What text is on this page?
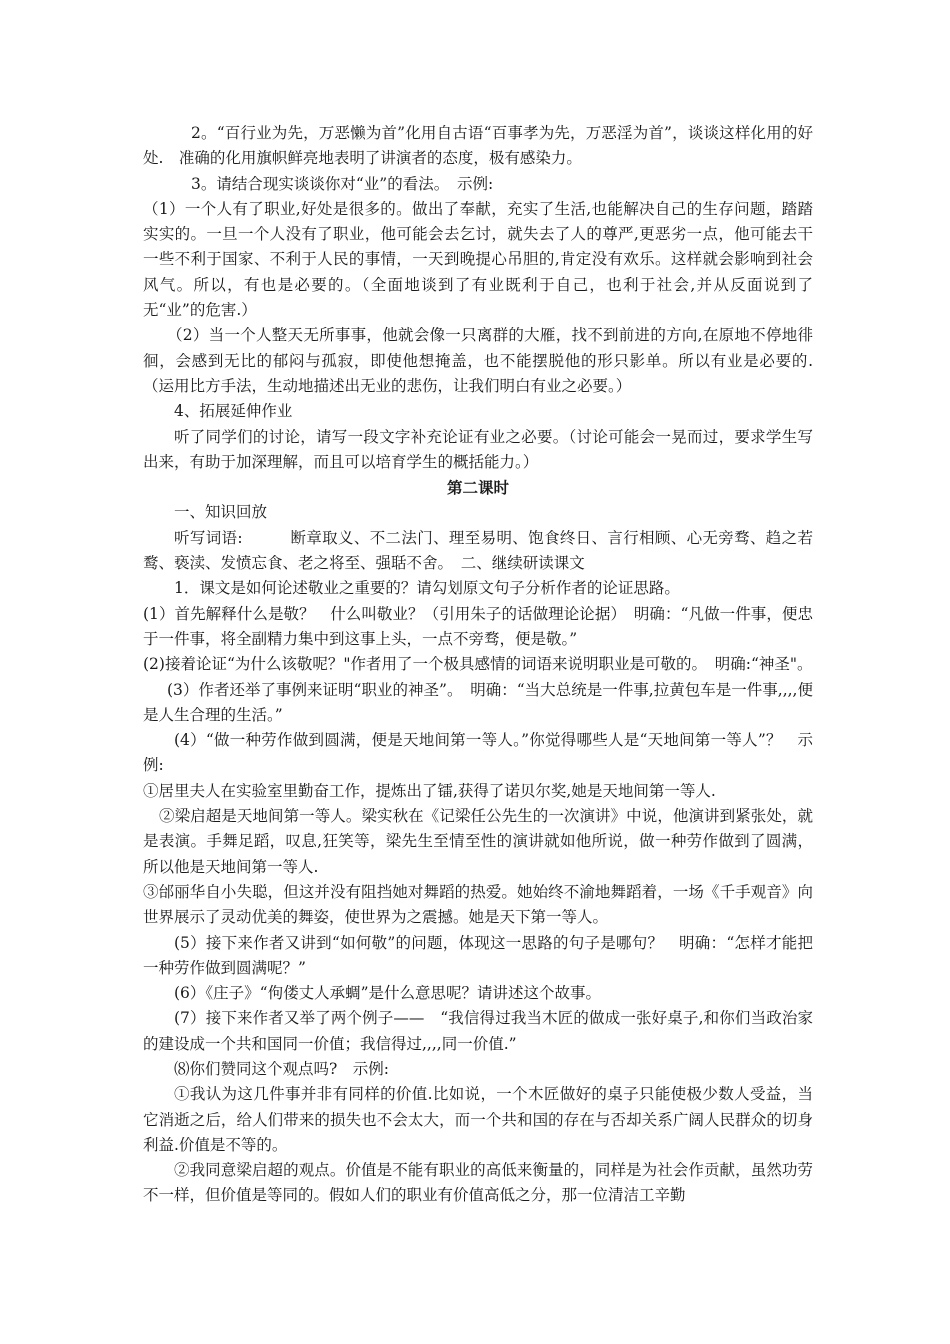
2。“百行业为先，万恶懒为首”化用自古语“百事孝为先，万恶淫为首”，谈谈这样化用的好处.　准确的化用旗帜鲜亮地表明了讲演者的态度，极有感染力。

3。请结合现实谈谈你对“业”的看法。　示例:

（1）一个人有了职业,好处是很多的。做出了奉献，充实了生活,也能解决自己的生存问题，踏踏实实的。一旦一个人没有了职业，他可能会去乞讨，就失去了人的尊严,更恶劣一点，他可能去干一些不利于国家、不利于人民的事情，一天到晚提心吊胆的,肯定没有欢乐。这样就会影响到社会风气。所以，有也是必要的。（全面地谈到了有业既利于自己，也利于社会,并从反面说到了无“业”的危害.）

（2）当一个人整天无所事事，他就会像一只离群的大雁，找不到前进的方向,在原地不停地徘徊，会感到无比的郁闷与孤寂，即使他想掩盖，也不能摆脱他的形只影单。所以有业是必要的.（运用比方手法，生动地描述出无业的悲伤，让我们明白有业之必要。）

4、拓展延伸作业

听了同学们的讨论，请写一段文字补充论证有业之必要。（讨论可能会一晃而过，要求学生写出来，有助于加深理解，而且可以培育学生的概括能力。）

第二课时

一、知识回放

听写词语:　　　断章取义、不二法门、理至易明、饱食终日、言行相顾、心无旁骛、趋之若鹜、亵渎、发愤忘食、老之将至、强聒不舍。　二、继续研读课文

1．课文是如何论述敬业之重要的？请勾划原文句子分析作者的论证思路。

(1）首先解释什么是敬？　什么叫敬业？（引用朱子的话做理论论据）　明确：“凡做一件事，便忠于一件事，将全副精力集中到这事上头，一点不旁骛，便是敬。”

(2)接着论证“为什么该敬呢？"作者用了一个极具感情的词语来说明职业是可敬的。　明确:“神圣"。

(3）作者还举了事例来证明“职业的神圣”。　明确：“当大总统是一件事,拉黄包车是一件事,,,,便是人生合理的生活。”

(4）“做一种劳作做到圆满，便是天地间第一等人。”你觉得哪些人是“天地间第一等人”？　示例:

①居里夫人在实验室里勤奋工作，提炼出了镭,获得了诺贝尔奖,她是天地间第一等人.

②梁启超是天地间第一等人。梁实秋在《记梁任公先生的一次演讲》中说，他演讲到紧张处，就是表演。手舞足蹈，叹息,狂笑等，梁先生至情至性的演讲就如他所说，做一种劳作做到了圆满，所以他是天地间第一等人.

③邰丽华自小失聪，但这并没有阻挡她对舞蹈的热爱。她始终不渝地舞蹈着，一场《千手观音》向世界展示了灵动优美的舞姿，使世界为之震撼。她是天下第一等人。

(5）接下来作者又讲到“如何敬”的问题，体现这一思路的句子是哪句？　明确：“怎样才能把一种劳作做到圆满呢？”

(6）《庄子》“佝偻丈人承蜩”是什么意思呢？请讲述这个故事。

(7）接下来作者又举了两个例子——　“我信得过我当木匠的做成一张好桌子,和你们当政治家的建设成一个共和国同一价值；我信得过,,,,同一价值.”

⑻你们赞同这个观点吗?　示例:

①我认为这几件事并非有同样的价值.比如说，一个木匠做好的桌子只能使极少数人受益，当它消逝之后，给人们带来的损失也不会太大，而一个共和国的存在与否却关系广阔人民群众的切身利益.价值是不等的。

②我同意梁启超的观点。价值是不能有职业的高低来衡量的，同样是为社会作贡献，虽然功劳不一样，但价值是等同的。假如人们的职业有价值高低之分，那一位清洁工辛勤
